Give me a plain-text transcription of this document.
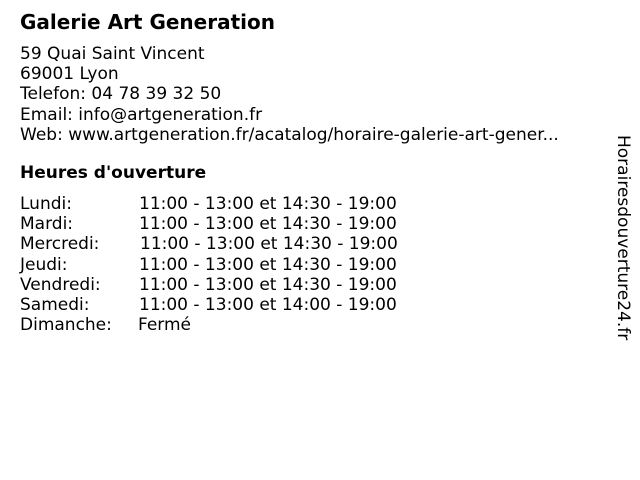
Galerie Art Generation
59 Quai Saint Vincent
69001 Lyon
Telefon: 04 78 39 32 50
Email: info@artgeneration.fr
Web: www.artgeneration.fr/acatalog/horaire-galerie-art-gener...
Heures d'ouverture
Lundi:	11:00 - 13:00 et 14:30 - 19:00
Mardi:	11:00 - 13:00 et 14:30 - 19:00
Mercredi: 11:00 - 13:00 et 14:30 - 19:00
Jeudi:	11:00 - 13:00 et 14:30 - 19:00
Vendredi: 11:00 - 13:00 et 14:30 - 19:00
Samedi:	11:00 - 13:00 et 14:00 - 19:00
Dimanche: Fermé	Horairesdouverture24.fr
